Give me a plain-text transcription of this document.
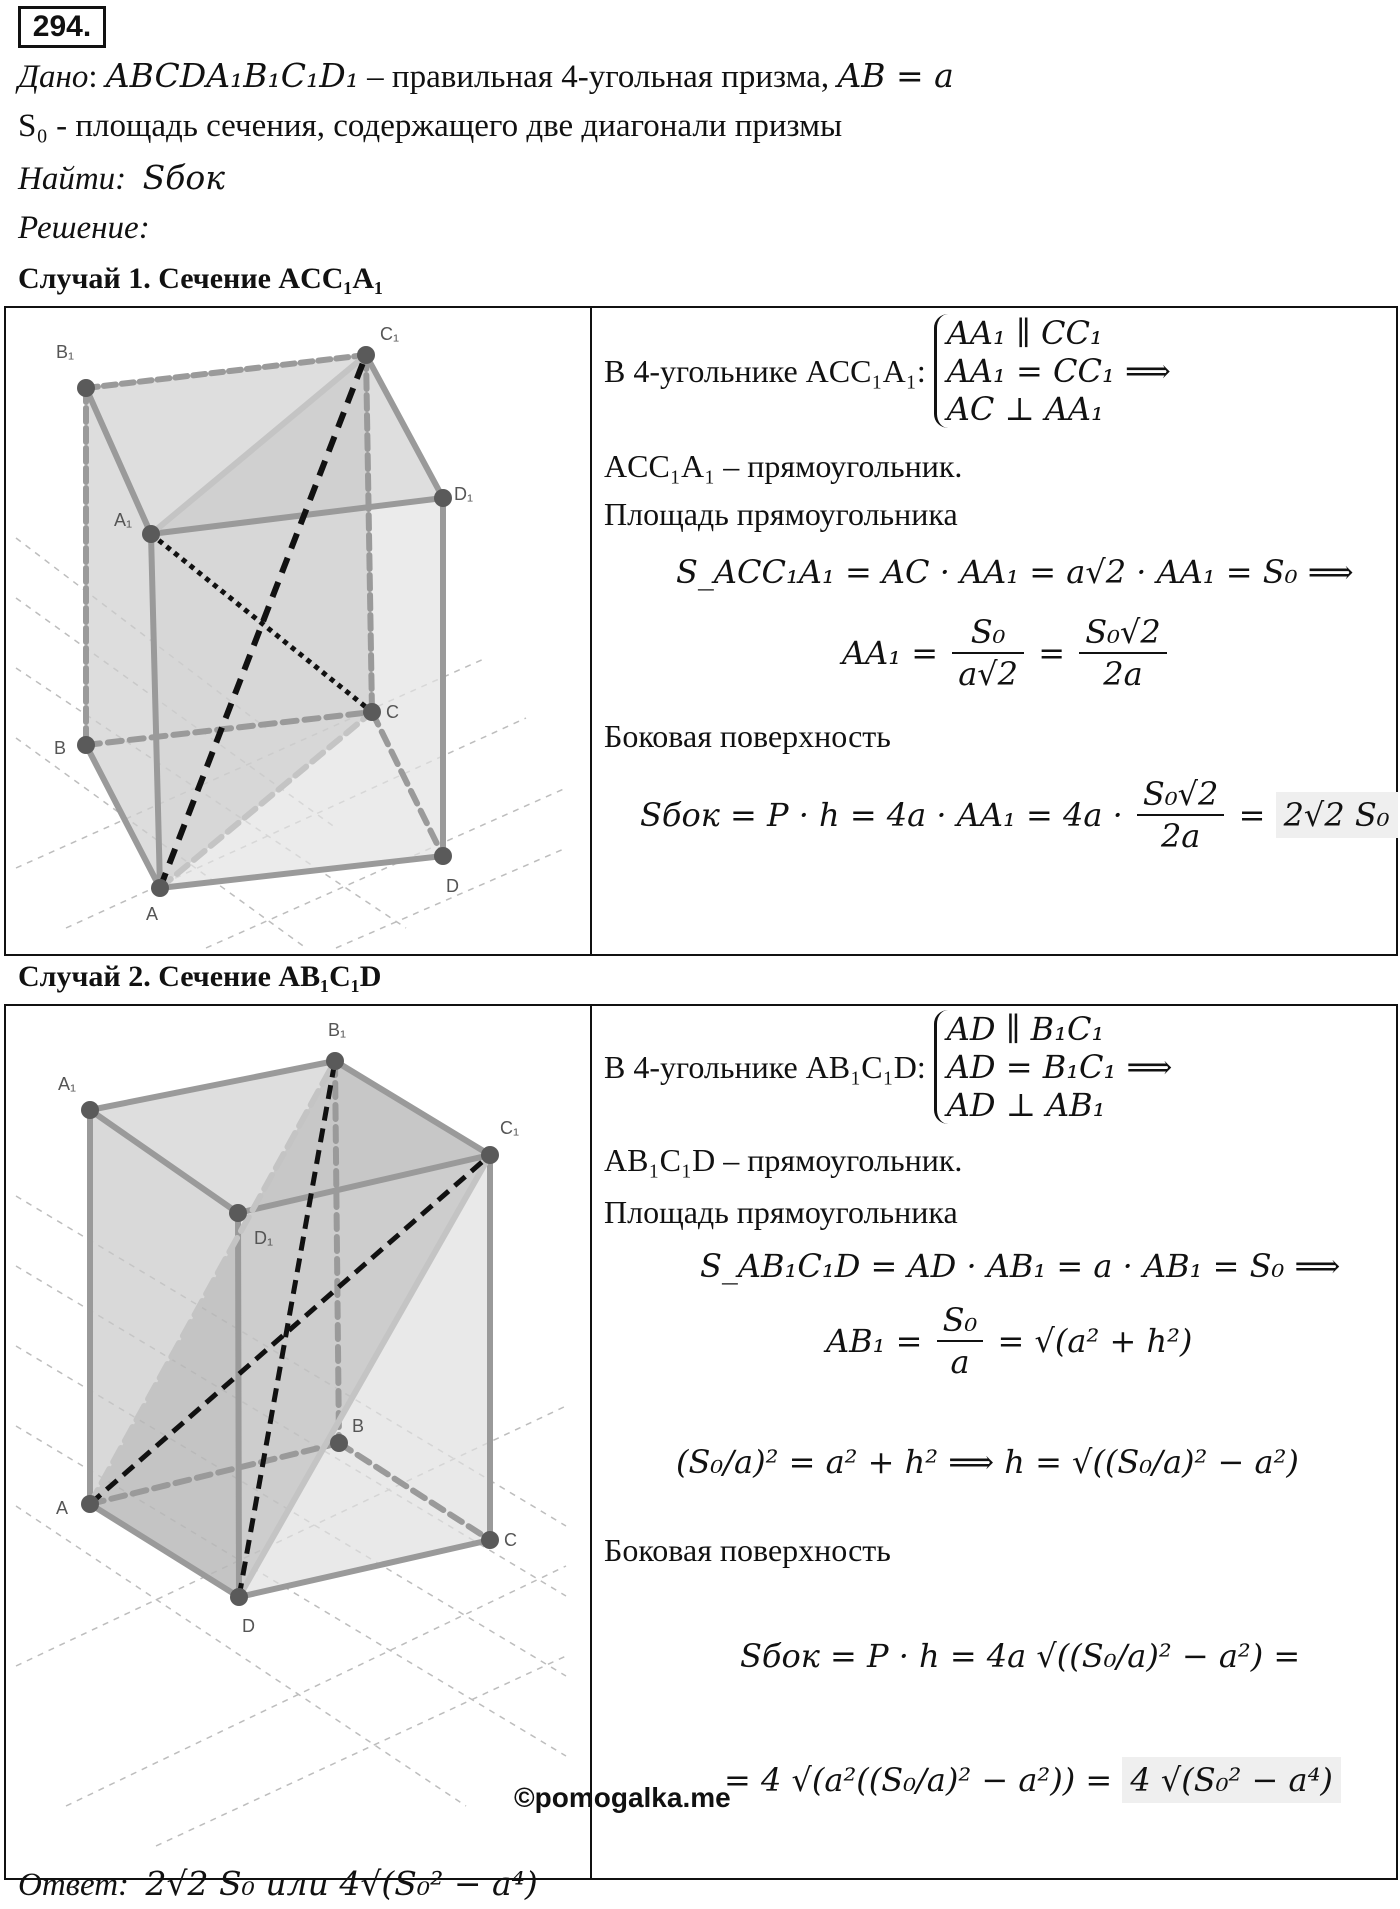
294.
Дано: ABCDA₁B₁C₁D₁ – правильная 4-угольная призма, AB = a
S₀ - площадь сечения, содержащего две диагонали призмы
Найти: Sбок
Решение:
Случай 1. Сечение ACC₁A₁
B₁
C₁
D₁
A₁
B
C
D
A
В 4-угольнике ACC₁A₁:
AA₁ ∥ CC₁
AA₁ = CC₁ ⟹
AC ⊥ AA₁
ACC₁A₁ – прямоугольник.
Площадь прямоугольника
S_ACC₁A₁ = AC · AA₁ = a√2 · AA₁ = S₀ ⟹
$AA_1 = \frac{\text{S₀}}{a√2} = \frac{\text{S₀√2}}{2a}$
Боковая поверхность
Sбок = $P \cdot h = 4a \cdot AA_1 = 4a \cdot \frac{\text{S₀√2}}{2a} = 2√2$ S₀
Случай 2. Сечение AB₁C₁D
B₁
A₁
C₁
D₁
B
A
C
D
В 4-угольнике AB₁C₁D:
AD ∥ B₁C₁
AD = B₁C₁ ⟹
AD ⊥ AB₁
AB₁C₁D – прямоугольник.
Площадь прямоугольника
S_AB₁C₁D = AD · AB₁ = a · AB₁ = S₀ ⟹
$AB_1 = \frac{\text{S₀}}{a} = √(a^2 + h^2)$
(S₀/a)² = a² + h² ⟹ h = √((S₀/a)² − a²)
Боковая поверхность
Sбок = P · h = 4a √((S₀/a)² − a²) =
= 4 √(a²((S₀/a)² − a²)) = 4 √(S₀² − a⁴)
©pomogalka.me
Ответ: 2√2 S₀ или 4√(S₀² − a⁴)
